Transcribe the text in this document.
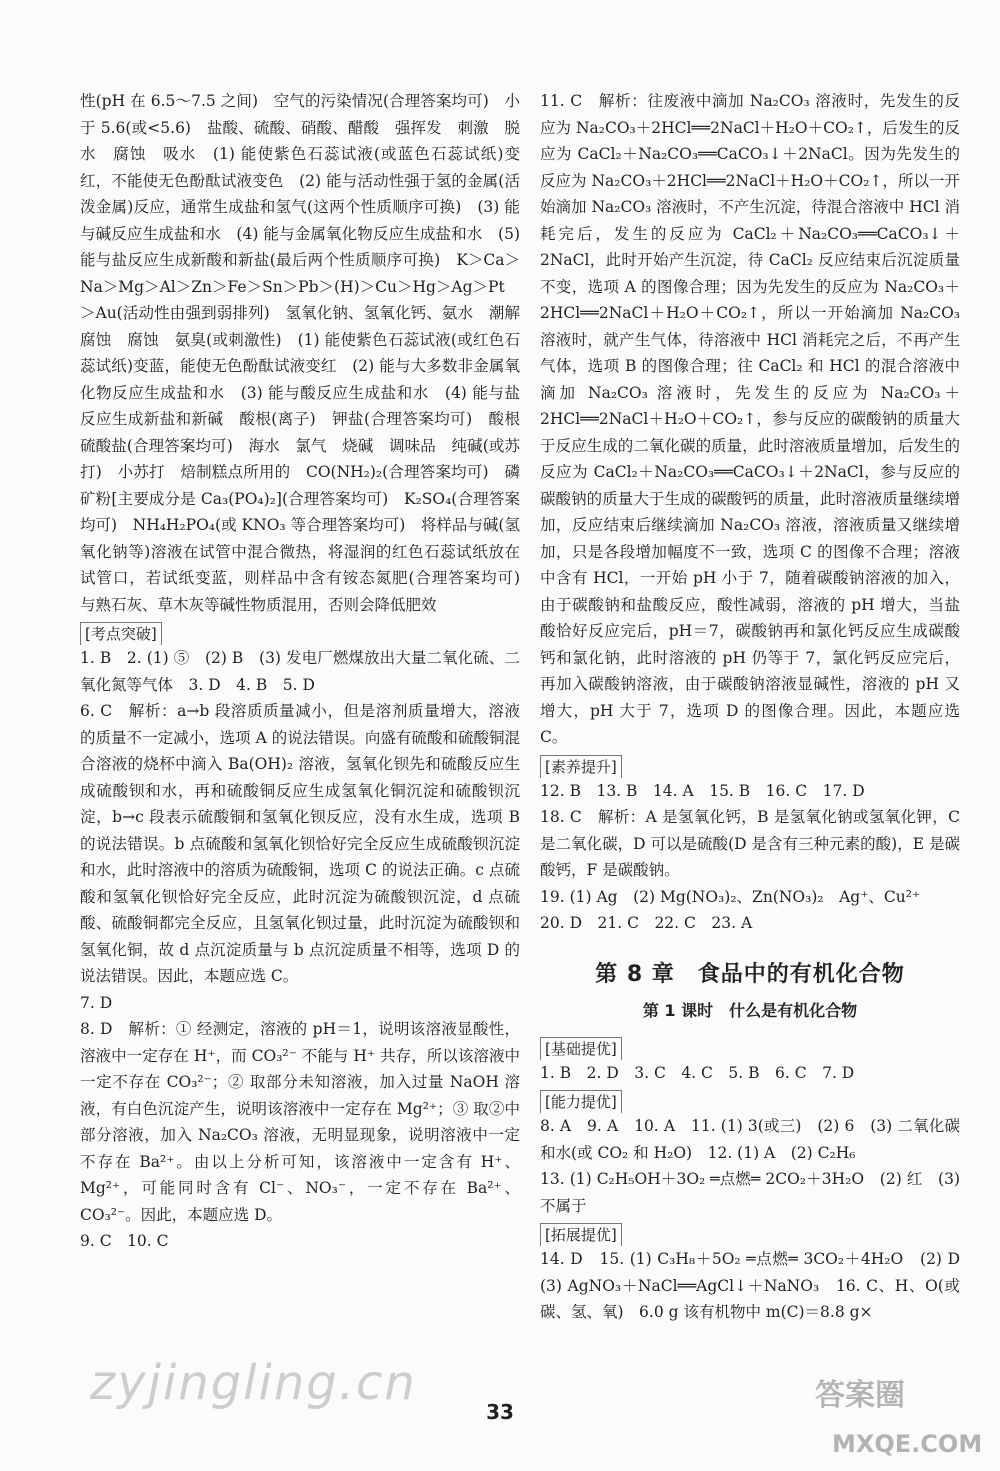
性(pH 在 6.5～7.5 之间)　空气的污染情况(合理答案均可)　小于 5.6(或<5.6)　盐酸、硫酸、硝酸、醋酸　强挥发　刺激　脱水　腐蚀　吸水　(1) 能使紫色石蕊试液(或蓝色石蕊试纸)变红，不能使无色酚酞试液变色　(2) 能与活动性强于氢的金属(活泼金属)反应，通常生成盐和氢气(这两个性质顺序可换)　(3) 能与碱反应生成盐和水　(4) 能与金属氧化物反应生成盐和水　(5) 能与盐反应生成新酸和新盐(最后两个性质顺序可换)　K＞Ca＞Na＞Mg＞Al＞Zn＞Fe＞Sn＞Pb＞(H)＞Cu＞Hg＞Ag＞Pt＞Au(活动性由强到弱排列)　氢氧化钠、氢氧化钙、氨水　潮解　腐蚀　腐蚀　氨臭(或刺激性)　(1) 能使紫色石蕊试液(或红色石蕊试纸)变蓝，能使无色酚酞试液变红　(2) 能与大多数非金属氧化物反应生成盐和水　(3) 能与酸反应生成盐和水　(4) 能与盐反应生成新盐和新碱　酸根(离子)　钾盐(合理答案均可)　酸根　硫酸盐(合理答案均可)　海水　氯气　烧碱　调味品　纯碱(或苏打)　小苏打　焙制糕点所用的　CO(NH₂)₂(合理答案均可)　磷矿粉[主要成分是 Ca₃(PO₄)₂](合理答案均可)　K₂SO₄(合理答案均可)　NH₄H₂PO₄(或 KNO₃ 等合理答案均可)　将样品与碱(氢氧化钠等)溶液在试管中混合微热，将湿润的红色石蕊试纸放在试管口，若试纸变蓝，则样品中含有铵态氮肥(合理答案均可)　与熟石灰、草木灰等碱性物质混用，否则会降低肥效

[考点突破]

1. B　2. (1) ⑤　(2) B　(3) 发电厂燃煤放出大量二氧化硫、二氧化氮等气体　3. D　4. B　5. D

6. C　解析：a→b 段溶质质量减小，但是溶剂质量增大，溶液的质量不一定减小，选项 A 的说法错误。向盛有硫酸和硫酸铜混合溶液的烧杯中滴入 Ba(OH)₂ 溶液，氢氧化钡先和硫酸反应生成硫酸钡和水，再和硫酸铜反应生成氢氧化铜沉淀和硫酸钡沉淀，b→c 段表示硫酸铜和氢氧化钡反应，没有水生成，选项 B 的说法错误。b 点硫酸和氢氧化钡恰好完全反应生成硫酸钡沉淀和水，此时溶液中的溶质为硫酸铜，选项 C 的说法正确。c 点硫酸和氢氧化钡恰好完全反应，此时沉淀为硫酸钡沉淀，d 点硫酸、硫酸铜都完全反应，且氢氧化钡过量，此时沉淀为硫酸钡和氢氧化铜，故 d 点沉淀质量与 b 点沉淀质量不相等，选项 D 的说法错误。因此，本题应选 C。

7. D

8. D　解析：① 经测定，溶液的 pH＝1，说明该溶液显酸性，溶液中一定存在 H⁺，而 CO₃²⁻ 不能与 H⁺ 共存，所以该溶液中一定不存在 CO₃²⁻；② 取部分未知溶液，加入过量 NaOH 溶液，有白色沉淀产生，说明该溶液中一定存在 Mg²⁺；③ 取②中部分溶液，加入 Na₂CO₃ 溶液，无明显现象，说明溶液中一定不存在 Ba²⁺。由以上分析可知，该溶液中一定含有 H⁺、Mg²⁺，可能同时含有 Cl⁻、NO₃⁻，一定不存在 Ba²⁺、CO₃²⁻。因此，本题应选 D。

9. C　10. C

11. C　解析：往废液中滴加 Na₂CO₃ 溶液时，先发生的反应为 Na₂CO₃＋2HCl══2NaCl＋H₂O＋CO₂↑，后发生的反应为 CaCl₂＋Na₂CO₃══CaCO₃↓＋2NaCl。因为先发生的反应为 Na₂CO₃＋2HCl══2NaCl＋H₂O＋CO₂↑，所以一开始滴加 Na₂CO₃ 溶液时，不产生沉淀，待混合溶液中 HCl 消耗完后，发生的反应为 CaCl₂＋Na₂CO₃══CaCO₃↓＋2NaCl，此时开始产生沉淀，待 CaCl₂ 反应结束后沉淀质量不变，选项 A 的图像合理；因为先发生的反应为 Na₂CO₃＋2HCl══2NaCl＋H₂O＋CO₂↑，所以一开始滴加 Na₂CO₃ 溶液时，就产生气体，待溶液中 HCl 消耗完之后，不再产生气体，选项 B 的图像合理；往 CaCl₂ 和 HCl 的混合溶液中滴加 Na₂CO₃ 溶液时，先发生的反应为 Na₂CO₃＋2HCl══2NaCl＋H₂O＋CO₂↑，参与反应的碳酸钠的质量大于反应生成的二氧化碳的质量，此时溶液质量增加，后发生的反应为 CaCl₂＋Na₂CO₃══CaCO₃↓＋2NaCl，参与反应的碳酸钠的质量大于生成的碳酸钙的质量，此时溶液质量继续增加，反应结束后继续滴加 Na₂CO₃ 溶液，溶液质量又继续增加，只是各段增加幅度不一致，选项 C 的图像不合理；溶液中含有 HCl，一开始 pH 小于 7，随着碳酸钠溶液的加入，由于碳酸钠和盐酸反应，酸性减弱，溶液的 pH 增大，当盐酸恰好反应完后，pH＝7，碳酸钠再和氯化钙反应生成碳酸钙和氯化钠，此时溶液的 pH 仍等于 7，氯化钙反应完后，再加入碳酸钠溶液，由于碳酸钠溶液显碱性，溶液的 pH 又增大，pH 大于 7，选项 D 的图像合理。因此，本题应选 C。

[素养提升]

12. B　13. B　14. A　15. B　16. C　17. D

18. C　解析：A 是氢氧化钙，B 是氢氧化钠或氢氧化钾，C 是二氧化碳，D 可以是硫酸(D 是含有三种元素的酸)，E 是碳酸钙，F 是碳酸钠。

19. (1) Ag　(2) Mg(NO₃)₂、Zn(NO₃)₂　Ag⁺、Cu²⁺

20. D　21. C　22. C　23. A

第 8 章　食品中的有机化合物
第 1 课时　什么是有机化合物
[基础提优]

1. B　2. D　3. C　4. C　5. B　6. C　7. D

[能力提优]

8. A　9. A　10. A　11. (1) 3(或三)　(2) 6　(3) 二氧化碳和水(或 CO₂ 和 H₂O)　12. (1) A　(2) C₂H₆

13. (1) C₂H₅OH＋3O₂ ═点燃═ 2CO₂＋3H₂O　(2) 红　(3) 不属于

[拓展提优]

14. D　15. (1) C₃H₈＋5O₂ ═点燃═ 3CO₂＋4H₂O　(2) D　(3) AgNO₃＋NaCl══AgCl↓＋NaNO₃　16. C、H、O(或碳、氢、氧)　6.0 g 该有机物中 m(C)＝8.8 g×

33
zyjingling.cn	答案圈
MXQE.COM
